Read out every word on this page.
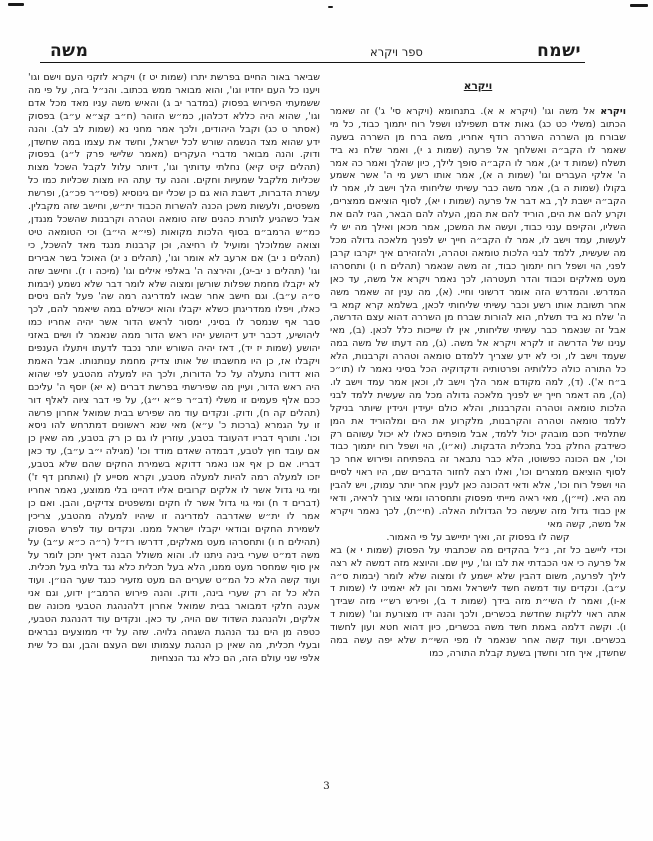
ישמח
ספר ויקרא
משה
ויקרא

ויקרא אל משה וגו' (ויקרא א א). בתנחומא (ויקרא סי' ג') זה שאמר הכתוב (משלי כט כג) גאות אדם תשפילנו ושפל רוח יתמוך כבוד, כל מי שבורח מן השררה השררה רודף אחריו, משה ברח מן השררה בשעה שאמר לו הקב״ה ואשלחך אל פרעה (שמות ג י), ואמר שלח נא ביד תשלח (שמות ד יג), אמר לו הקב״ה סופך לילך, כיון שהלך ואמר כה אמר ה' אלקי העברים וגו' (שמות ה א), אמר אותו רשע מי ה' אשר אשמע בקולו (שמות ה ב), אמר משה כבר עשיתי שליחותי הלך וישב לו, אמר לו הקב״ה ישבת לך, בא דבר אל פרעה (שמות ו יא), לסוף הוציאם ממצרים, וקרע להם את הים, הוריד להם את המן, העלה להם הבאר, הגיז להם את השליו, והקיפם ענני כבוד, ועשה את המשכן, אמר מכאן ואילך מה יש לי לעשות, עמד וישב לו, אמר לו הקב״ה חייך יש לפניך מלאכה גדולה מכל מה שעשית, ללמד לבני הלכות טומאה וטהרה, ולהזהירם איך יקרבו קרבן לפני, הוי ושפל רוח יתמוך כבוד, זה משה שנאמר (תהלים ח ו) ותחסרהו מעט מאלקים וכבוד והדר תעטרהו, לכך נאמר ויקרא אל משה, עד כאן המדרש. והמדרש הזה אומר דרשוני וחיי. (א), מה ענין זה שאמר משה אחר תשובת אותו רשע וכבר עשיתי שליחותי לכאן, בשלמא קרא קמא בי ה' שלח נא ביד תשלח, הוא להורות שברח מן השררה דהוא עצם הדרשה, אבל זה שנאמר כבר עשיתי שליחותי, אין לו שייכות כלל לכאן. (ב), מאי ענינו של הדרשה זו לקרא ויקרא אל משה. (ג), מה דעתו של משה במה שעמד וישב לו, וכי לא ידע שצריך ללמדם טומאה וטהרה וקרבנות, הלא כל התורה כולה כללותיה ופרטותיה ודקדוקיה הכל בסיני נאמר לו (תו״כ ב״ח א'). (ד), למה מקודם אמר הלך וישב לו, וכאן אמר עמד וישב לו. (ה), מה דאמר חייך יש לפניך מלאכה גדולה מכל מה שעשית ללמד לבני הלכות טומאה וטהרה והקרבנות, והלא כולם יעידין ויגידין שיותר בניקל ללמד טומאה וטהרה והקרבנות, מלקרוע את הים ומלהוריד את המן שתלמיד חכם מובהק יכול ללמד, אבל מופתים כאלו לא יכול עשוהם רק כשידבק החלק בכל בתכלית הדבקות. (וא״ו), הוי ושפל רוח יתמוך כבוד וכו', אם הכונה כפשוטו, הלא כבר נתבאר זה בהפתיחה ופירוש אחר כך לסוף הוציאם ממצרים וכו', ואלו רצה לחזור הדברים שם, היו ראוי לסיים הוי ושפל רוח וכו', אלא ודאי דהכונה כאן לענין אחר יותר עמוק, ויש להבין מה היא. (זיי״ן), מאי ראיה מייתי מפסוק ותחסרהו ומאי צורך לראיה, ודאי אין כבוד גדול מזה שעשה כל הגדולות האלה. (חי״ת), לכך נאמר ויקרא אל משה, קשה מאי

קשה לו בפסוק זה, ואיך יתיישב על פי האמור.

וכדי ליישב כל זה, נ״ל בהקדים מה שכתבתי על הפסוק (שמות י א) בא אל פרעה כי אני הכבדתי את לבו וגו', עיין שם. והיוצא מזה דמשה לא רצה לילך לפרעה, משום דהבין שלא ישמע לו ומצוה שלא לומר (יבמות ס״ה ע״ב). ונקדים עוד דמשה חשד לישראל ואמר והן לא יאמינו לי (שמות ד א-ו), ואמר לו השי״ת מזה בידך (שמות ד ב), ופירש רש״י מזה שבידך אתה ראוי ללקות שחדשת בכשרים, ולכך והנה ידו מצורעת וגו' (שמות ד ו). וקשה דלמה באמת חשד משה בכשרים, כיון דהוא חטא ועון לחשוד בכשרים. ועוד קשה אחר שנאמר לו מפי השי״ת שלא יפה עשה במה שחשדן, איך חזר וחשדן בשעת קבלת התורה, כמו

שביאר באור החיים בפרשת יתרו (שמות יט ז) ויקרא לזקני העם וישם וגו' ויענו כל העם יחדיו וגו', והוא מבואר ממש בכתוב. והנ״ל בזה, על פי מה ששמעתי הפירוש בפסוק (במדבר יב ג) והאיש משה עניו מאד מכל אדם וגו', שהוא היה כללא דכלהון, כמ״ש הזוהר (ח״ב קצ״א ע״ב) בפסוק (אסתר ט כג) וקבל היהודים, ולכך אמר מחני נא (שמות לב לב). והנה ידע שהוא מצד הנשמה שורש לכל ישראל, וחשד את עצמו במה שחשדן, ודוק. והנה מבואר מדברי העקרים (מאמר שלישי פרק ל״ג) בפסוק (תהלים קיט קיא) נחלתי עדותיך וגו', דיותר עלול לקבל השכל מצות שכליות מלקבל שמעיות וחקים. והנה עד עתה היו מצות שכליות כמו כל עשרת הדברות, דשבת הוא גם כן שכלי יום גינוסיא (פסי״ר פכ״ג), ופרשת משפטים, ולעשות משכן הכנה להשרות הכבוד ית״ש, וחישב שזה מקבלין. אבל כשהגיע לתורת כהנים שזה טומאה וטהרה וקרבנות שהשכל מנגדן, כמ״ש הרמב״ם בסוף הלכות מקואות (פי״א הי״ב) וכי הטומאה טיט וצואה שמלוכלך ומועיל לו רחיצה, וכן קרבנות מנגד מאד להשכל, כי (תהלים נ יב) אם ארעב לא אומר וגו', (תהלים נ יג) האוכל בשר אבירים וגו' (תהלים נ יב-יג), והירצה ה' באלפי אילים וגו' (מיכה ו ז). וחישב שזה לא יקבלו מחמת שפלות שורשן ומצוה שלא לומר דבר שלא נשמע (יבמות ס״ה ע״ב). וגם חישב אחר שבאו למדריגה רמה שה' פעל להם ניסים כאלו, ויפלו ממדריגתן כשלא יקבלו והוא יכשילם במה שיאמר להם, לכך סבר אף שנמסר לו בסיני, ימסור לראש הדור אשר יהיה אחריו כמו ליהושיע, דכבר ידע דיהושע יהיו ראש הדור ממה שנאמר לו ושים באזני יהושע (שמות יז יד), דאז יהיה השורש יותר נכבד לדעתו ויתעלו הענפים ויקבלו אז, כן היו מחשבתו של אותו צדיק מחמת ענותנותו. אבל האמת הוא דדורו נתעלה על כל הדורות, ולכך היו למעלה מהטבע לפי שהוא היה ראש הדור, ועיין מה שפירשתי בפרשת דברים (א יא) יוסף ה' עליכם ככם אלף פעמים זו משלי (דב״ר פ״א י״ג), על פי דבר ציוה לאלף דור (תהלים קה ח), ודוק. ונקדים עוד מה שפירש בבית שמואל אחרון פרשה זו על הגמרא (ברכות כ' ע״א) מאי שנא ראשונים דמתרחש להו ניסא וכו'. ותורף דבריו דהעובד בטבע, עוזרין לו גם כן רק בטבע, מה שאין כן אם עובד חוץ לטבע, דבמדה שאדם מודד וכו' (מגילה י״ב ע״ב), עד כאן דבריו. אם כן אף אנו נאמר דדוקא בשמירת החקים שהם שלא בטבע, יזכו למעלה רמה להיות למעלה מטבע, וקרא מסייע לן (ואתחנן דף ז') ומי גוי גדול אשר לו אלקים קרובים אליו דהיינו בלי ממוצע, נאמר אחריו (דברים ד ח) ומי גוי גדול אשר לו חקים ומשפטים צדיקים, והבן. ואם כן אמר לו ית״ש שאדרבה למדריגה זו שיהיו למעלה מהטבע, צריכין לשמירת החקים ובודאי יקבלו ישראל ממנו. ונקדים עוד לפרש הפסוק (תהילים ח ו) ותחסרהו מעט מאלקים, דדרשו רז״ל (ר״ה כ״א ע״ב) על משה דמ״ט שערי בינה ניתנו לו. והוא משולל הבנה דאיך יתכן לומר על אין סוף שמחסר מעט ממנו, הלא בעל תכלית כלא נגד בלתי בעל תכלית. ועוד קשה הלא כל המ״ט שערים הם מעט מזעיר כנגד שער הנו״ן. ועוד הלא כל זה רק שערי בינה, ודוק. והנה פירוש הרמב״ן ידוע, וגם אני אענה חלקי דמבואר בבית שמואל אחרון דלהנהגת הטבעי מכונה שם אלקים, ולהנהגת השדוד שם הויה, עד כאן. ונקדים עוד דהנהגת הטבעי, כטפה מן הים נגד הנהגת השגחה גלויה. שזה על ידי ממוצעים נבראים ובעלי תכלית, מה שאין כן הנהגת עצמותו ושם העצם והבן, וגם כל שית אלפי שני עולם הזה, הם כלא נגד הנצחיות

3
